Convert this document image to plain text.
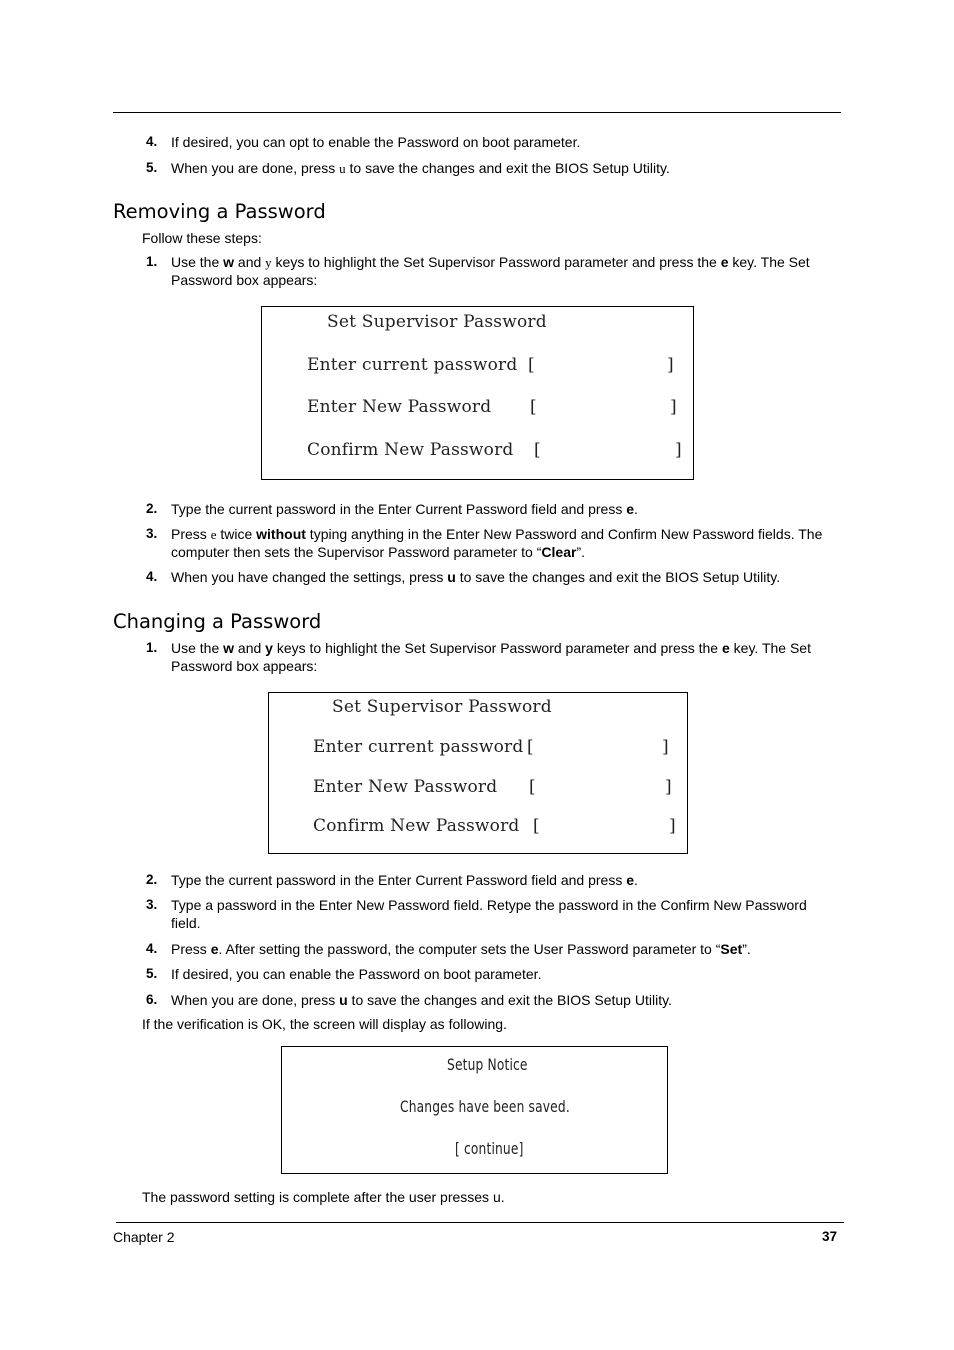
4. If desired, you can opt to enable the Password on boot parameter.
5. When you are done, press u to save the changes and exit the BIOS Setup Utility.
Removing a Password
Follow these steps:
1. Use the w and y keys to highlight the Set Supervisor Password parameter and press the e key. The Set
Password box appears:
Set Supervisor Password
Enter current password [	]
Enter New Password [	]
Confirm New Password [	]
2. Type the current password in the Enter Current Password field and press e.
3. Press e twice without typing anything in the Enter New Password and Confirm New Password fields. The
computer then sets the Supervisor Password parameter to “Clear”.
4. When you have changed the settings, press u to save the changes and exit the BIOS Setup Utility.
Changing a Password
1. Use the w and y keys to highlight the Set Supervisor Password parameter and press the e key. The Set
Password box appears:
Set Supervisor Password
Enter current password [	]
Enter New Password [	]
Confirm New Password [	]
2. Type the current password in the Enter Current Password field and press e.
3. Type a password in the Enter New Password field. Retype the password in the Confirm New Password
field.
4. Press e. After setting the password, the computer sets the User Password parameter to “Set”.
5. If desired, you can enable the Password on boot parameter.
6. When you are done, press u to save the changes and exit the BIOS Setup Utility.
If the verification is OK, the screen will display as following.
Setup Notice
Changes have been saved.
[ continue]
The password setting is complete after the user presses u.
Chapter 2	37
